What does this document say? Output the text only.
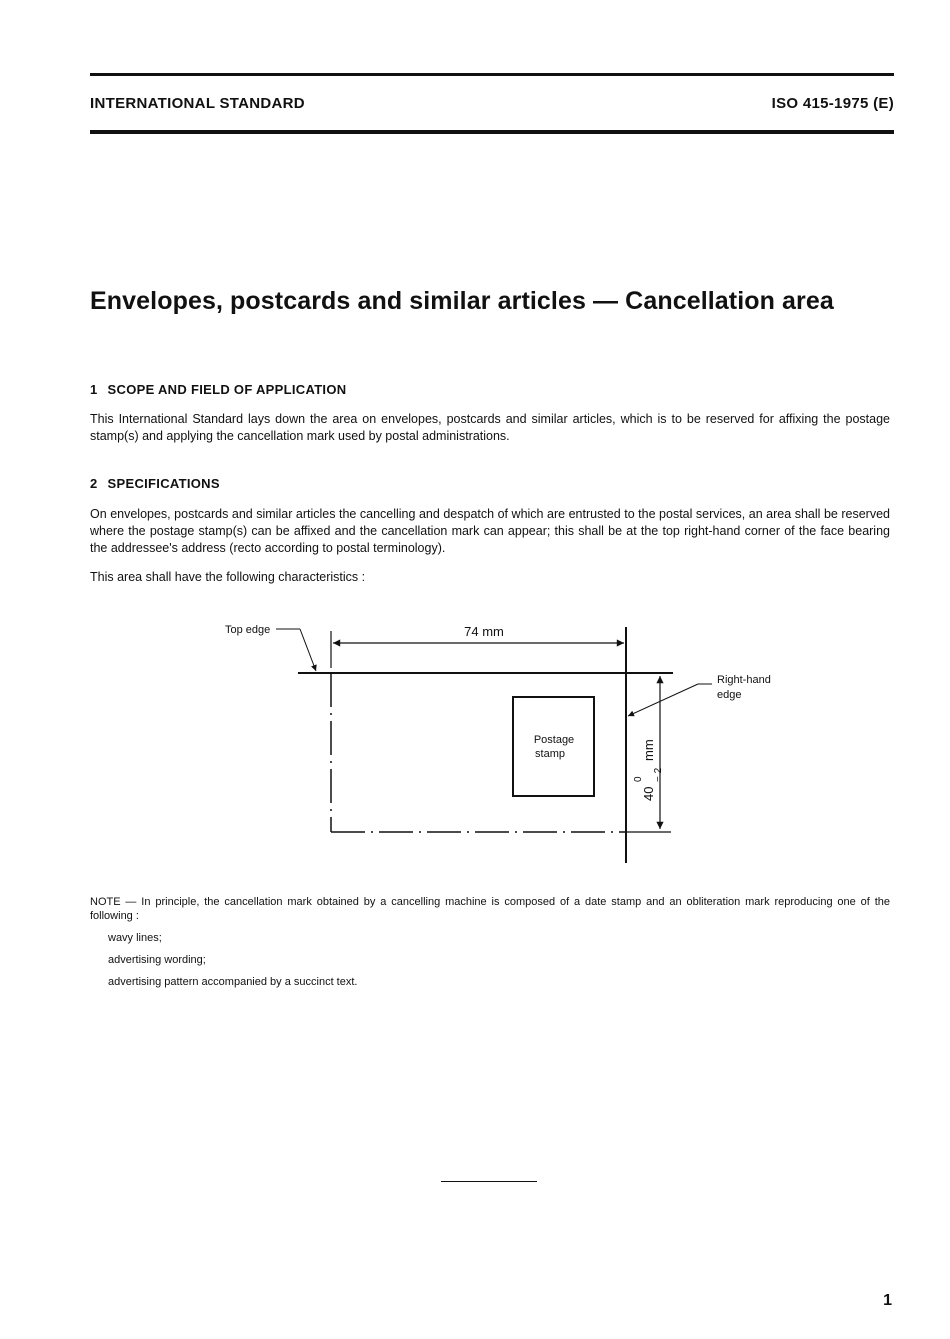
INTERNATIONAL STANDARD	ISO 415-1975 (E)
Envelopes, postcards and similar articles — Cancellation area
1 SCOPE AND FIELD OF APPLICATION

This International Standard lays down the area on envelopes, postcards and similar articles, which is to be reserved for affixing the postage stamp(s) and applying the cancellation mark used by postal administrations.

2 SPECIFICATIONS

On envelopes, postcards and similar articles the cancelling and despatch of which are entrusted to the postal services, an area shall be reserved where the postage stamp(s) can be affixed and the cancellation mark can appear; this shall be at the top right-hand corner of the face bearing the addressee's address (recto according to postal terminology).

This area shall have the following characteristics :

74 mm
40
0 − 2
mm
Postage
stamp
Top edge
Right-hand
edge

NOTE — In principle, the cancellation mark obtained by a cancelling machine is composed of a date stamp and an obliteration mark reproducing one of the following :

wavy lines;
advertising wording;
advertising pattern accompanied by a succinct text.
1
